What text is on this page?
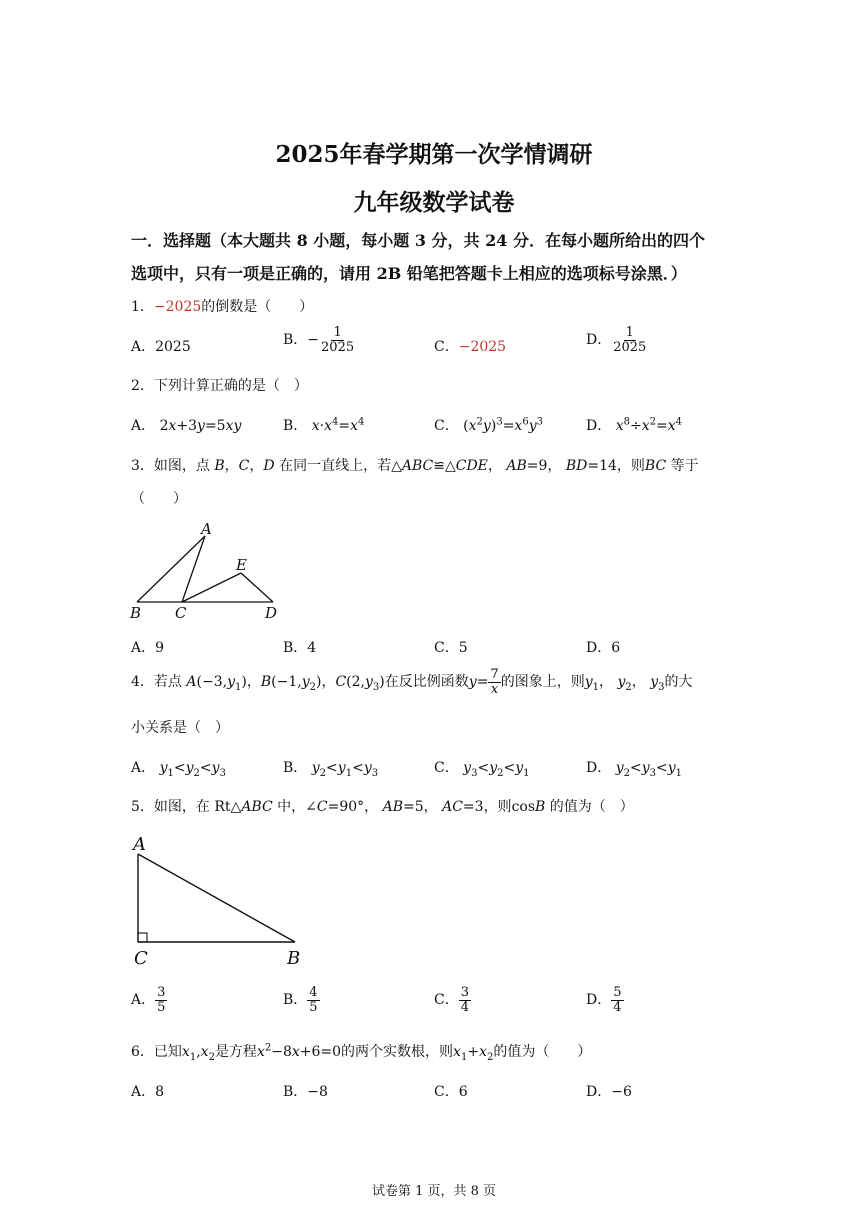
2025年春学期第一次学情调研
九年级数学试卷
一．选择题（本大题共 8 小题，每小题 3 分，共 24 分．在每小题所给出的四个
选项中，只有一项是正确的，请用 2B 铅笔把答题卡上相应的选项标号涂黑．）
1．−2025的倒数是（　　）
A．2025	B．− $\frac{1}{2025}$	C．−2025	D． $\frac{1}{2025}$
2．下列计算正确的是（　）
A． 2x+3y=5xy	B． $x\cdot x^4=x^4$	C． $(x^2y)^3=x^6y^3$	D． $x^8\div x^2=x^4$
3．如图，点 B，C，D 在同一直线上，若△ABC≌△CDE， AB=9， BD=14，则BC 等于
（　　）
A
E
B C	D
A．9	B．4	C．5	D．6
4．若点 $A(-3,y_1)$，$B(-1,y_2)$，$C(2,y_3)$在反比例函数$y= \frac{7}{x}$ 的图象上，则$y_1$， $y_2$， $y_3$的大
小关系是（　）
A． $y_1<y_2<y_3$	B． $y_2<y_1<y_3$	C． $y_3<y_2<y_1$	D． $y_2<y_3<y_1$
5．如图，在 Rt△ABC 中，∠C=90°， AB=5， AC=3，则cosB 的值为（　）
A
C	B
A． $\frac{3}{5}$	B． $\frac{4}{5}$	C． $\frac{3}{4}$	D． $\frac{5}{4}$
6．已知$x_1,x_2$是方程$x^2-8x+6=0$的两个实数根，则$x_1+x_2$的值为（　　）
A．8	B．−8	C．6	D．−6
试卷第 1 页，共 8 页
